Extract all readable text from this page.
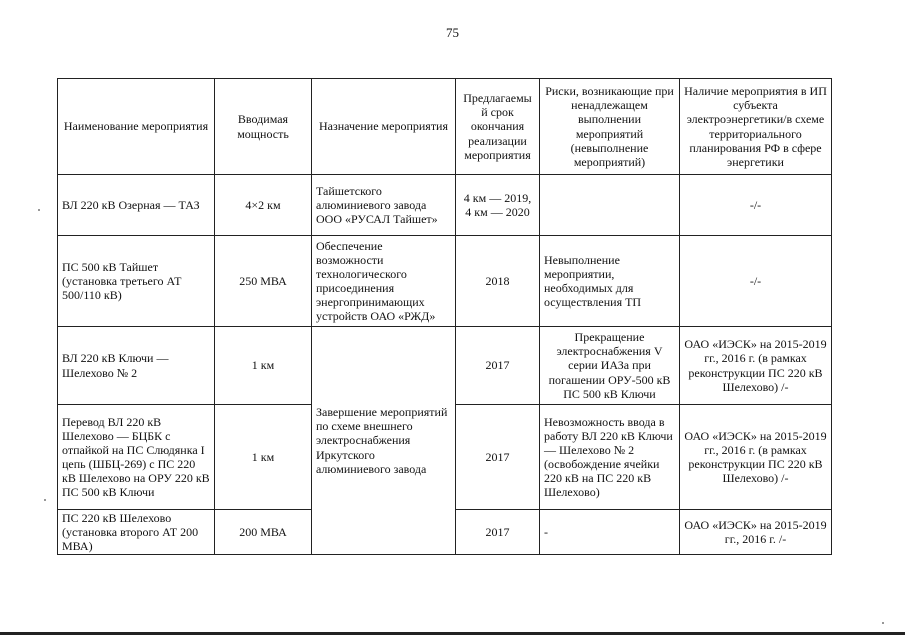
75
Наименование мероприятия	Вводимая мощность	Назначение мероприятия	Предлагаемы й срок окончания реализации мероприятия	Риски, возникающие при ненадлежащем выполнении мероприятий (невыполнение мероприятий)	Наличие мероприятия в ИП субъекта электроэнергетики/в схеме территориального планирования РФ в сфере энергетики
ВЛ 220 кВ Озерная — ТАЗ	4×2 км	Тайшетского алюминиевого завода ООО «РУСАЛ Тайшет»	4 км — 2019, 4 км — 2020		-/-
ПС 500 кВ Тайшет (установка третьего АТ 500/110 кВ)	250 МВА	Обеспечение возможности технологического присоединения энергопринимающих устройств ОАО «РЖД»	2018	Невыполнение мероприятии, необходимых для осуществления ТП	-/-
ВЛ 220 кВ Ключи — Шелехово № 2	1 км	Завершение мероприятий по схеме внешнего электроснабжения Иркутского алюминиевого завода	2017	Прекращение электроснабжения V серии ИАЗа при погашении ОРУ-500 кВ ПС 500 кВ Ключи	ОАО «ИЭСК» на 2015-2019 гг., 2016 г. (в рамках реконструкции ПС 220 кВ Шелехово) /-
Перевод ВЛ 220 кВ Шелехово — БЦБК с отпайкой на ПС Слюдянка I цепь (ШБЦ-269) с ПС 220 кВ Шелехово на ОРУ 220 кВ ПС 500 кВ Ключи	1 км		2017	Невозможность ввода в работу ВЛ 220 кВ Ключи — Шелехово № 2 (освобождение ячейки 220 кВ на ПС 220 кВ Шелехово)	ОАО «ИЭСК» на 2015-2019 гг., 2016 г. (в рамках реконструкции ПС 220 кВ Шелехово) /-
ПС 220 кВ Шелехово (установка второго АТ 200 МВА)	200 МВА		2017	-	ОАО «ИЭСК» на 2015-2019 гг., 2016 г. /-
